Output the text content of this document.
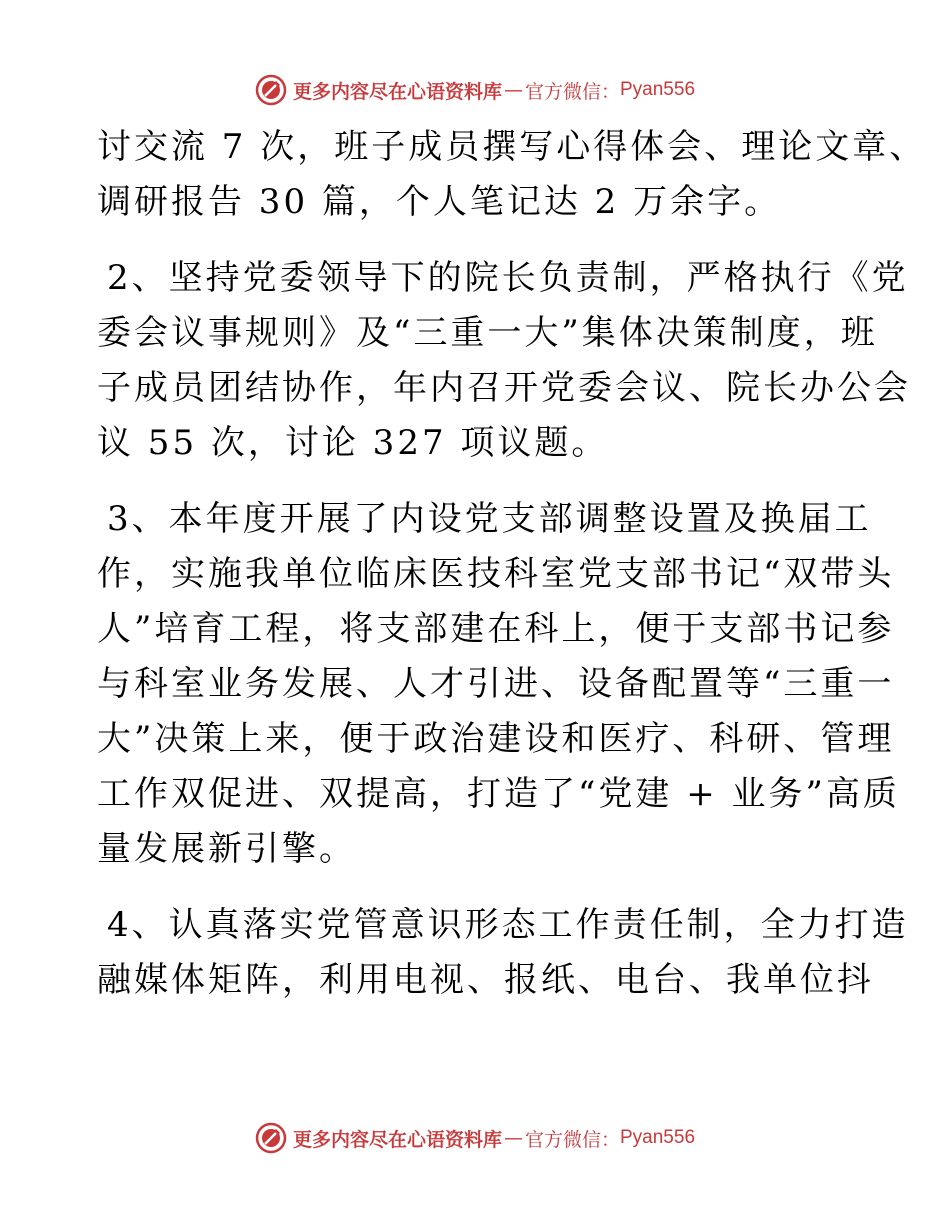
更多内容尽在心语资料库 — 官方微信： Pyan556
讨交流 7 次，班子成员撰写心得体会、理论文章、
调研报告 30 篇，个人笔记达 2 万余字。
2、坚持党委领导下的院长负责制，严格执行《党
委会议事规则》及“三重一大”集体决策制度，班
子成员团结协作，年内召开党委会议、院长办公会
议 55 次，讨论 327 项议题。
3、本年度开展了内设党支部调整设置及换届工
作，实施我单位临床医技科室党支部书记“双带头
人”培育工程，将支部建在科上，便于支部书记参
与科室业务发展、人才引进、设备配置等“三重一
大”决策上来，便于政治建设和医疗、科研、管理
工作双促进、双提高，打造了“党建 + 业务”高质
量发展新引擎。
4、认真落实党管意识形态工作责任制，全力打造
融媒体矩阵，利用电视、报纸、电台、我单位抖
更多内容尽在心语资料库 — 官方微信： Pyan556
